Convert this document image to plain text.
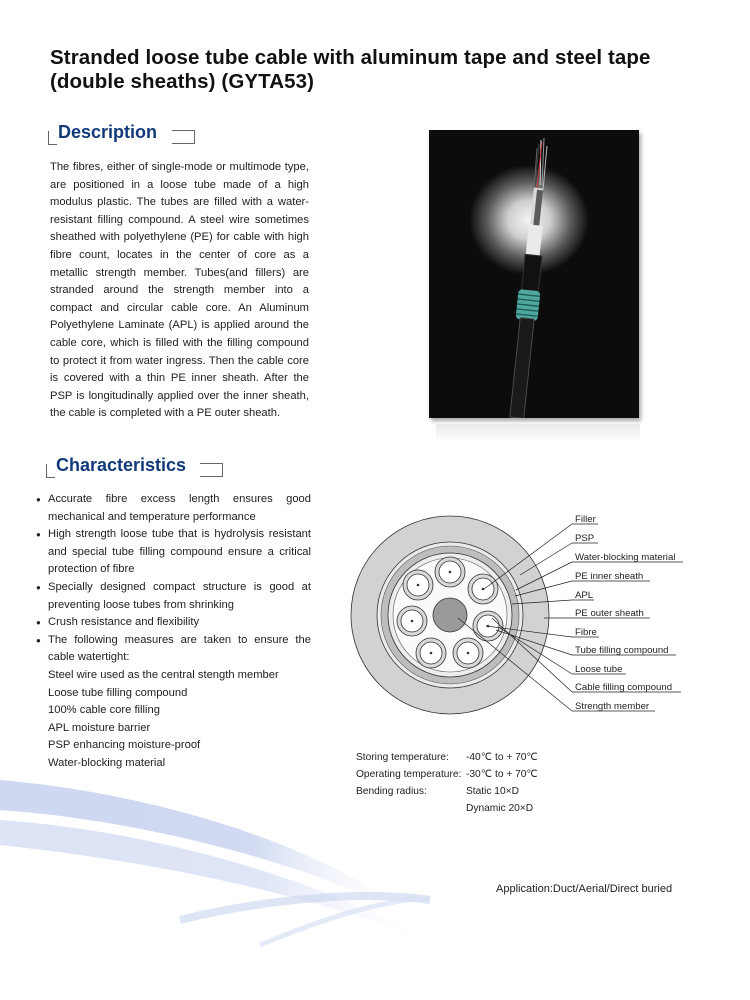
Stranded loose tube cable with aluminum tape and steel tape (double sheaths) (GYTA53)
Description
The fibres, either of single-mode or multimode type, are positioned in a loose tube made of a high modulus plastic. The tubes are filled with a water-resistant filling compound. A steel wire sometimes sheathed with polyethylene (PE) for cable with high fibre count, locates in the center of core as a metallic strength member. Tubes(and fillers) are stranded around the strength member into a compact and circular cable core. An Aluminum Polyethylene Laminate (APL) is applied around the cable core, which is filled with the filling compound to protect it from water ingress. Then the cable core is covered with a thin PE inner sheath. After the PSP is longitudinally applied over the inner sheath, the cable is completed with a PE outer sheath.
Characteristics
● Accurate fibre excess length ensures good mechanical and temperature performance
● High strength loose tube that is hydrolysis resistant and special tube filling compound ensure a critical protection of fibre
● Specially designed compact structure is good at preventing loose tubes from shrinking
● Crush resistance and flexibility
● The following measures are taken to ensure the cable watertight:
Steel wire used as the central stength member
Loose tube filling compound
100% cable core filling
APL moisture barrier
PSP enhancing moisture-proof
Water-blocking material
Filler
PSP
Water-blocking material
PE inner sheath
APL
PE outer sheath
Fibre
Tube filling compound
Loose tube
Cable filling compound
Strength member
Storing temperature: -40℃ to + 70℃
Operating temperature: -30℃ to + 70℃
Bending radius:	Static 10×D
Dynamic 20×D
Application:Duct/Aerial/Direct buried
